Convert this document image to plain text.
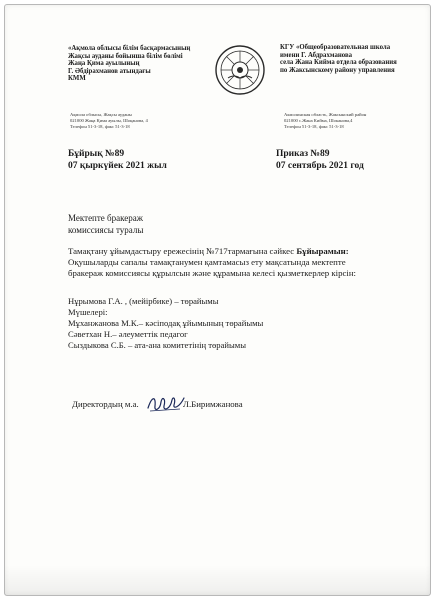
«Ақмола облысы білім басқармасының
Жақсы ауданы бойынша білім бөлімі
Жаңа Қима ауылының
Г. Әбдірахманов атындағы
КММ
КГУ «Общеобразовательная школа
имени Г. Абдрахманова
села Жана Кийма отдела образования
по Жаксынскому району управления
Ақмола облысы, Жақсы ауданы
021000 Жаңа Қима ауылы, Шоқанова, 4
Телефон 51-3-18, факс 51-3-18
Акмолинская область, Жаксынский район
021000 с.Жана Кийма, Шоканова,4
Телефон 51-3-18, факс 51-3-18
Бұйрық №89
07 қыркүйек 2021 жыл
Приказ №89
07 сентябрь 2021 год
Мектепте бракераж
комиссиясы туралы
Тамақтану ұйымдастыру ережесінің №717тармағына сәйкес Бұйырамын:
Оқушыларды сапалы тамақтанумен қамтамасыз ету мақсатында мектепте
бракераж комиссиясы құрылсын және құрамына келесі қызметкерлер кірсін:
Нұрымова Г.А. , (мейірбике) – төрайымы
Мүшелері:
Мұханжанова М.К.– кәсіподақ ұйымының төрайымы
Сәветхан Н.– әлеуметтік педагог
Сыздыкова С.Б. – ата-ана комитетінің төрайымы
Директордың м.а.	Л.Биримжанова
